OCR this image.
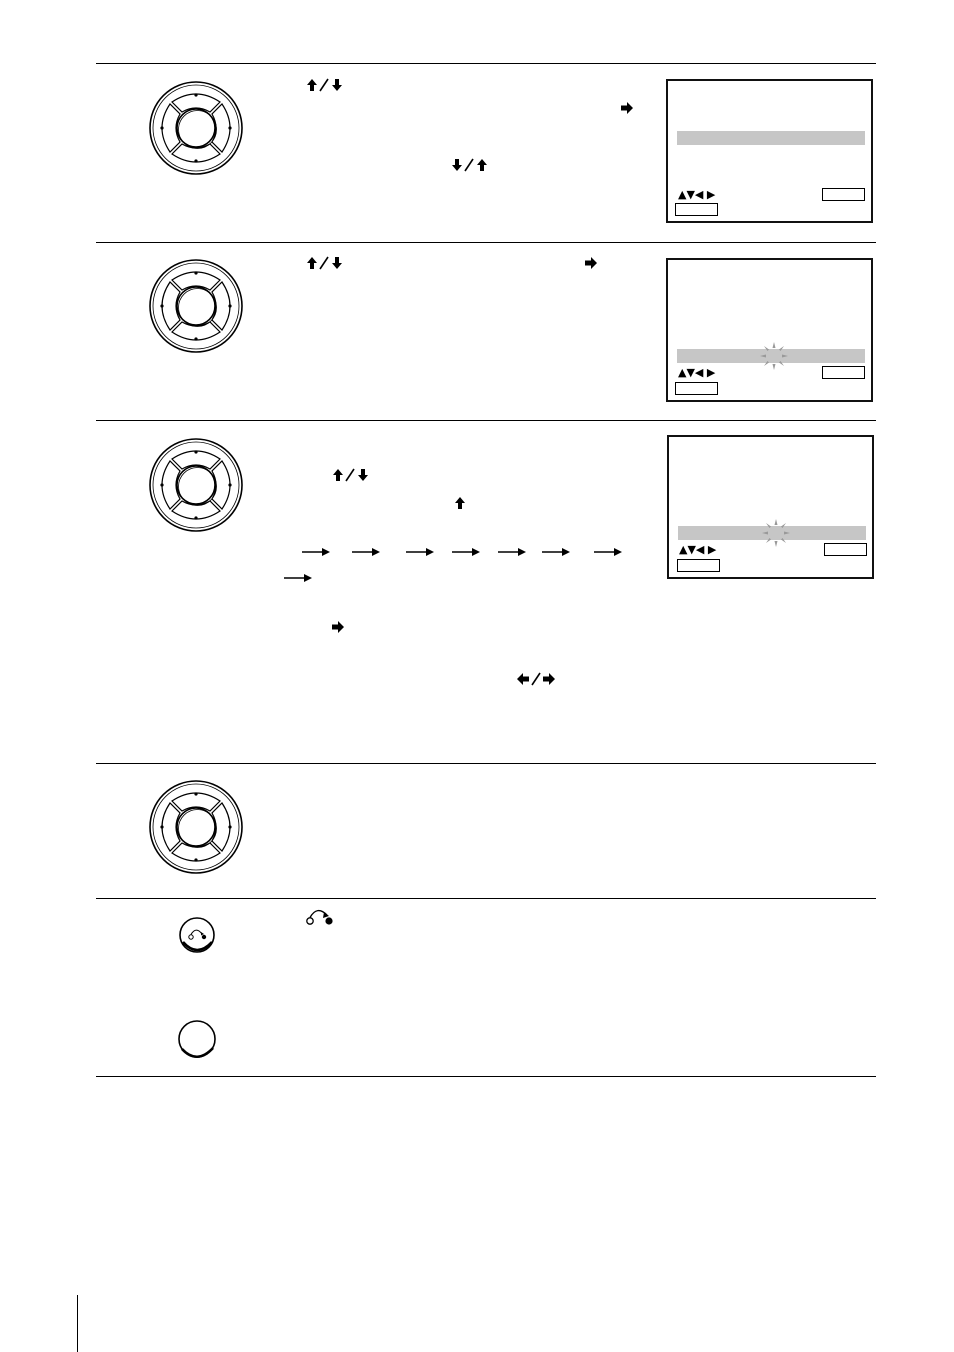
▲▼◀ ▶
▲▼◀ ▶
▲▼◀ ▶
